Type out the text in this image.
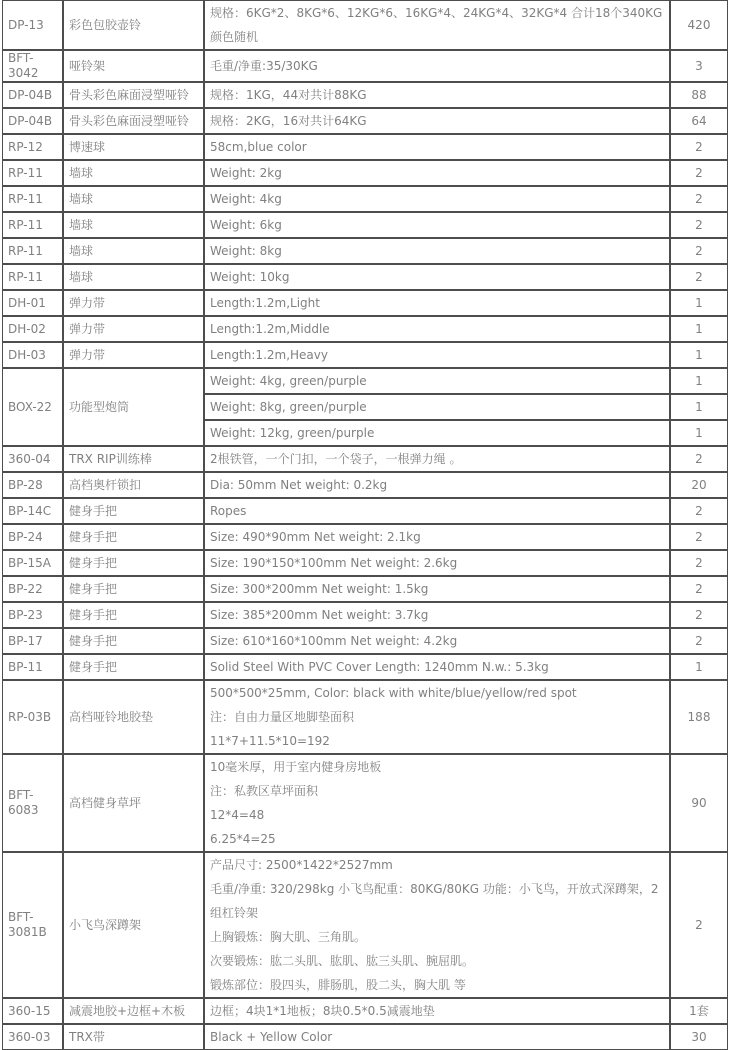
DP-13	彩色包胶壶铃	规格：6KG*2、8KG*6、12KG*6、16KG*4、24KG*4、32KG*4 合计18个340KG 颜色随机	420
BFT-3042	哑铃架	毛重/净重:35/30KG	3
DP-04B	骨头彩色麻面浸塑哑铃	规格：1KG，44对共计88KG	88
DP-04B	骨头彩色麻面浸塑哑铃	规格：2KG，16对共计64KG	64
RP-12	博速球	58cm,blue color	2
RP-11	墙球	Weight: 2kg	2
RP-11	墙球	Weight: 4kg	2
RP-11	墙球	Weight: 6kg	2
RP-11	墙球	Weight: 8kg	2
RP-11	墙球	Weight: 10kg	2
DH-01	弹力带	Length:1.2m,Light	1
DH-02	弹力带	Length:1.2m,Middle	1
DH-03	弹力带	Length:1.2m,Heavy	1
BOX-22	功能型炮筒	Weight: 4kg, green/purple	1

		Weight: 8kg, green/purple	1

		Weight: 12kg, green/purple	1
360-04	TRX RIP训练棒	2根铁管，一个门扣，一个袋子，一根弹力绳 。	2
BP-28	高档奥杆锁扣	Dia: 50mm Net weight: 0.2kg	20
BP-14C	健身手把	Ropes	2
BP-24	健身手把	Size: 490*90mm Net weight: 2.1kg	2
BP-15A	健身手把	Size: 190*150*100mm Net weight: 2.6kg	2
BP-22	健身手把	Size: 300*200mm Net weight: 1.5kg	2
BP-23	健身手把	Size: 385*200mm Net weight: 3.7kg	2
BP-17	健身手把	Size: 610*160*100mm Net weight: 4.2kg	2
BP-11	健身手把	Solid Steel With PVC Cover Length: 1240mm N.w.: 5.3kg	1
RP-03B	高档哑铃地胶垫	500*500*25mm, Color: black with white/blue/yellow/red spot

注：自由力量区地脚垫面积

11*7+11.5*10=192	188
BFT-6083	高档健身草坪	10毫米厚，用于室内健身房地板

注：私教区草坪面积

12*4=48

6.25*4=25	90
BFT-3081B	小飞鸟深蹲架	产品尺寸: 2500*1422*2527mm

毛重/净重: 320/298kg 小飞鸟配重：80KG/80KG 功能：小飞鸟，开放式深蹲架，2组杠铃架

上胸锻炼：胸大肌、三角肌。

次要锻炼：肱二头肌、肱肌、肱三头肌、腕屈肌。

锻炼部位：股四头，腓肠肌，股二头，胸大肌 等	2
360-15	减震地胶+边框+木板	边框；4块1*1地板；8块0.5*0.5减震地垫	1套
360-03	TRX带	Black + Yellow Color	30
